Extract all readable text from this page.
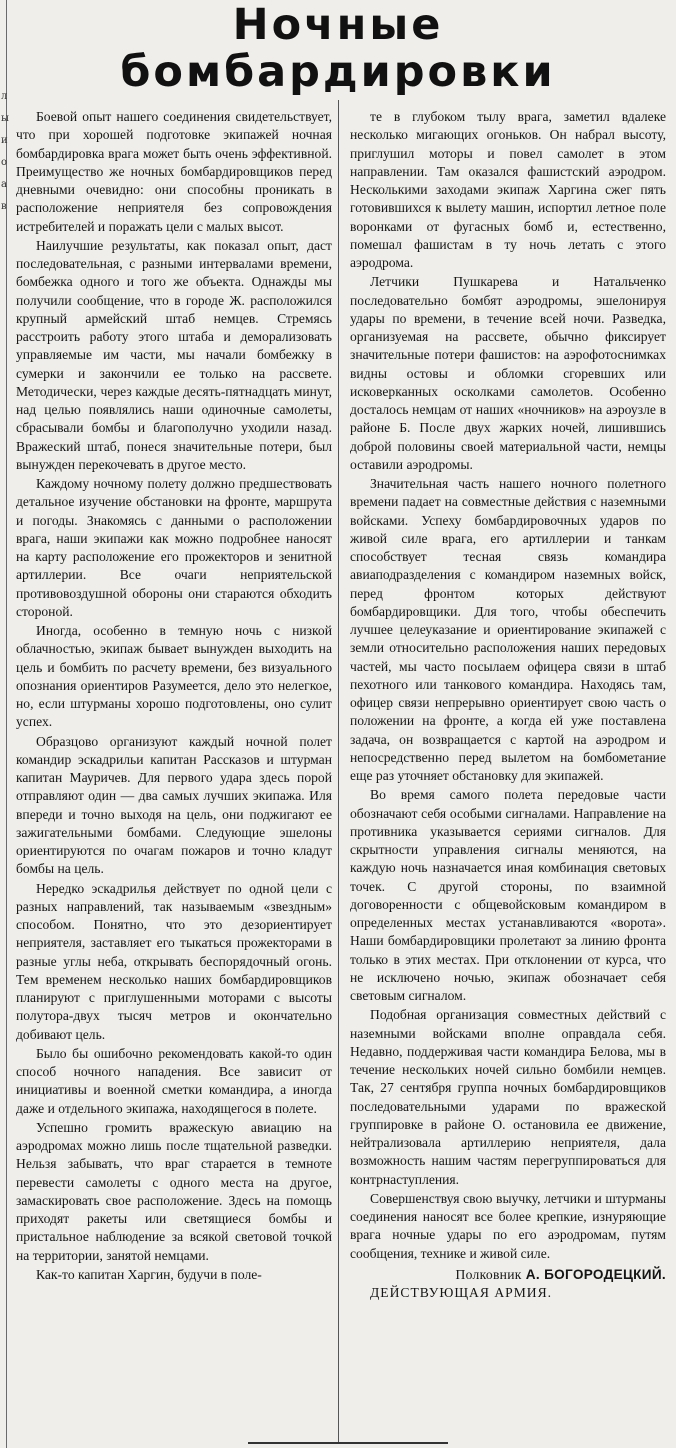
л
ы
и
о
а
в
Ночные
бомбардировки

Боевой опыт нашего соединения свидетельствует, что при хорошей подготовке экипажей ночная бомбардировка врага может быть очень эффективной. Преимущество же ночных бомбардировщиков перед дневными очевидно: они способны проникать в расположение неприятеля без сопровождения истребителей и поражать цели с малых высот.

Наилучшие результаты, как показал опыт, даст последовательная, с разными интервалами времени, бомбежка одного и того же объекта. Однажды мы получили сообщение, что в городе Ж. расположился крупный армейский штаб немцев. Стремясь расстроить работу этого штаба и деморализовать управляемые им части, мы начали бомбежку в сумерки и закончили ее только на рассвете. Методически, через каждые десять-пятнадцать минут, над целью появлялись наши одиночные самолеты, сбрасывали бомбы и благополучно уходили назад. Вражеский штаб, понеся значительные потери, был вынужден перекочевать в другое место.

Каждому ночному полету должно предшествовать детальное изучение обстановки на фронте, маршрута и погоды. Знакомясь с данными о расположении врага, наши экипажи как можно подробнее наносят на карту расположение его прожекторов и зенитной артиллерии. Все очаги неприятельской противовоздушной обороны они стараются обходить стороной.

Иногда, особенно в темную ночь с низкой облачностью, экипаж бывает вынужден выходить на цель и бомбить по расчету времени, без визуального опознания ориентиров Разумеется, дело это нелегкое, но, если штурманы хорошо подготовлены, оно сулит успех.

Образцово организуют каждый ночной полет командир эскадрильи капитан Рассказов и штурман капитан Мауричев. Для первого удара здесь порой отправляют один — два самых лучших экипажа. Иля впереди и точно выходя на цель, они поджигают ее зажигательными бомбами. Следующие эшелоны ориентируются по очагам пожаров и точно кладут бомбы на цель.

Нередко эскадрилья действует по одной цели с разных направлений, так называемым «звездным» способом. Понятно, что это дезориентирует неприятеля, заставляет его тыкаться прожекторами в разные углы неба, открывать беспорядочный огонь. Тем временем несколько наших бомбардировщиков планируют с приглушенными моторами с высоты полутора-двух тысяч метров и окончательно добивают цель.

Было бы ошибочно рекомендовать какой-то один способ ночного нападения. Все зависит от инициативы и военной сметки командира, а иногда даже и отдельного экипажа, находящегося в полете.

Успешно громить вражескую авиацию на аэродромах можно лишь после тщательной разведки. Нельзя забывать, что враг старается в темноте перевести самолеты с одного места на другое, замаскировать свое расположение. Здесь на помощь приходят ракеты или светящиеся бомбы и пристальное наблюдение за всякой световой точкой на территории, занятой немцами.

Как-то капитан Харгин, будучи в поле-

те в глубоком тылу врага, заметил вдалеке несколько мигающих огоньков. Он набрал высоту, приглушил моторы и повел самолет в этом направлении. Там оказался фашистский аэродром. Несколькими заходами экипаж Харгина сжег пять готовившихся к вылету машин, испортил летное поле воронками от фугасных бомб и, естественно, помешал фашистам в ту ночь летать с этого аэродрома.

Летчики Пушкарева и Натальченко последовательно бомбят аэродромы, эшелонируя удары по времени, в течение всей ночи. Разведка, организуемая на рассвете, обычно фиксирует значительные потери фашистов: на аэрофотоснимках видны остовы и обломки сгоревших или исковерканных осколками самолетов. Особенно досталось немцам от наших «ночников» на аэроузле в районе Б. После двух жарких ночей, лишившись доброй половины своей материальной части, немцы оставили аэродромы.

Значительная часть нашего ночного полетного времени падает на совместные действия с наземными войсками. Успеху бомбардировочных ударов по живой силе врага, его артиллерии и танкам способствует тесная связь командира авиаподразделения с командиром наземных войск, перед фронтом которых действуют бомбардировщики. Для того, чтобы обеспечить лучшее целеуказание и ориентирование экипажей с земли относительно расположения наших передовых частей, мы часто посылаем офицера связи в штаб пехотного или танкового командира. Находясь там, офицер связи непрерывно ориентирует свою часть о положении на фронте, а когда ей уже поставлена задача, он возвращается с картой на аэродром и непосредственно перед вылетом на бомбометание еще раз уточняет обстановку для экипажей.

Во время самого полета передовые части обозначают себя особыми сигналами. Направление на противника указывается сериями сигналов. Для скрытности управления сигналы меняются, на каждую ночь назначается иная комбинация световых точек. С другой стороны, по взаимной договоренности с общевойсковым командиром в определенных местах устанавливаются «ворота». Наши бомбардировщики пролетают за линию фронта только в этих местах. При отклонении от курса, что не исключено ночью, экипаж обозначает себя световым сигналом.

Подобная организация совместных действий с наземными войсками вполне оправдала себя. Недавно, поддерживая части командира Белова, мы в течение нескольких ночей сильно бомбили немцев. Так, 27 сентября группа ночных бомбардировщиков последовательными ударами по вражеской группировке в районе О. остановила ее движение, нейтрализовала артиллерию неприятеля, дала возможность нашим частям перегруппироваться для контрнаступления.

Совершенствуя свою выучку, летчики и штурманы соединения наносят все более крепкие, изнуряющие врага ночные удары по его аэродромам, путям сообщения, технике и живой силе.

Полковник А. БОГОРОДЕЦКИЙ.

ДЕЙСТВУЮЩАЯ АРМИЯ.
